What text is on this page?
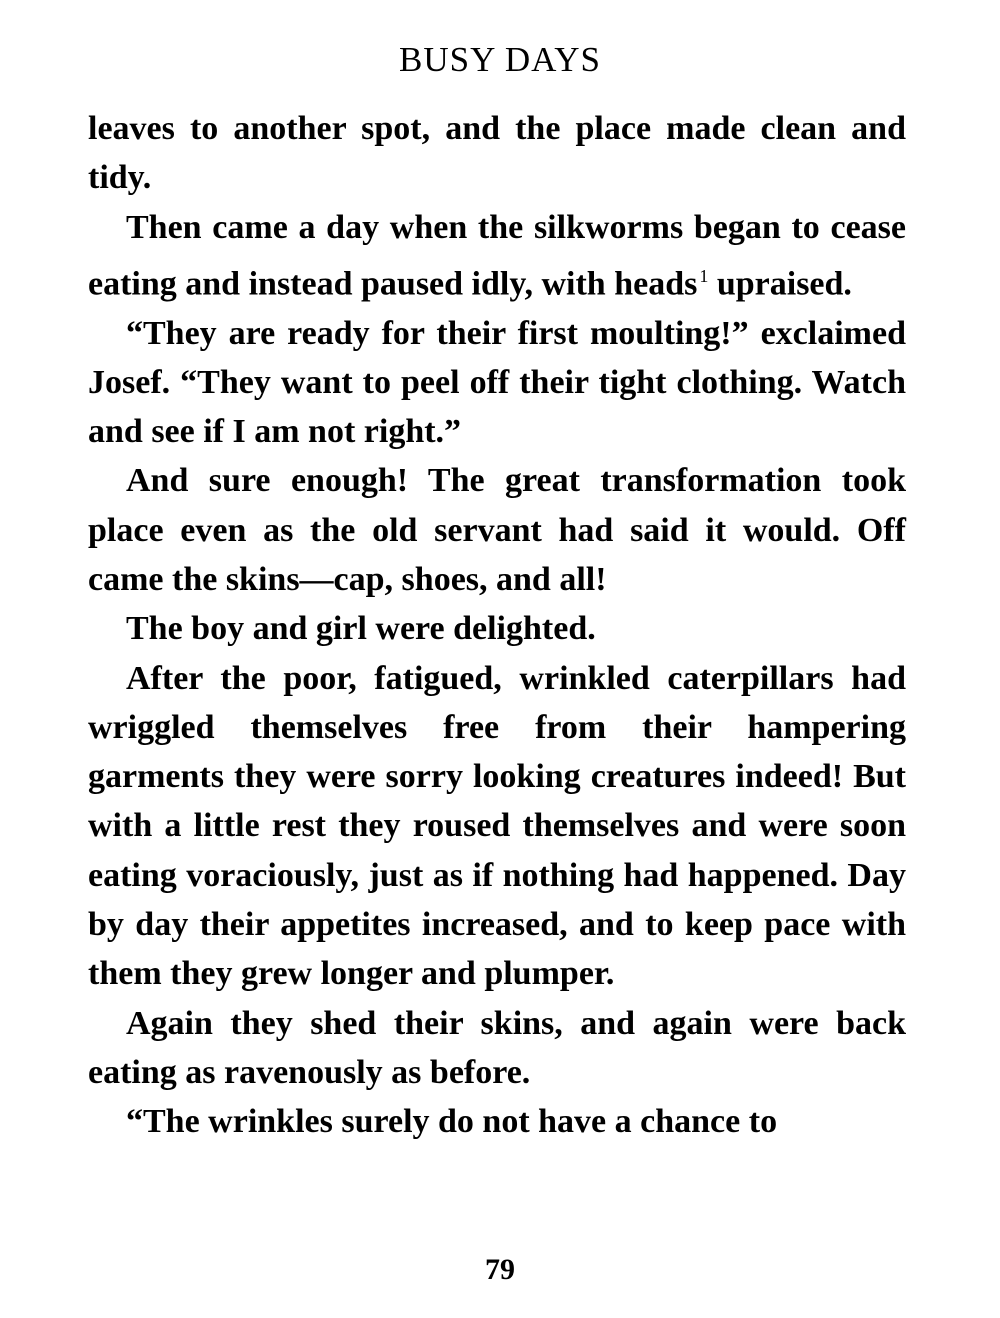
BUSY DAYS

leaves to another spot, and the place made clean and tidy.

Then came a day when the silkworms began to cease eating and instead paused idly, with heads $^1$ upraised.

“They are ready for their first moulting!” exclaimed Josef. “They want to peel off their tight clothing. Watch and see if I am not right.”

And sure enough! The great transformation took place even as the old servant had said it would. Off came the skins—cap, shoes, and all!

The boy and girl were delighted.

After the poor, fatigued, wrinkled caterpillars had wriggled themselves free from their hampering garments they were sorry looking creatures indeed! But with a little rest they roused themselves and were soon eating voraciously, just as if nothing had happened. Day by day their appetites increased, and to keep pace with them they grew longer and plumper.

Again they shed their skins, and again were back eating as ravenously as before.

“The wrinkles surely do not have a chance to

79
